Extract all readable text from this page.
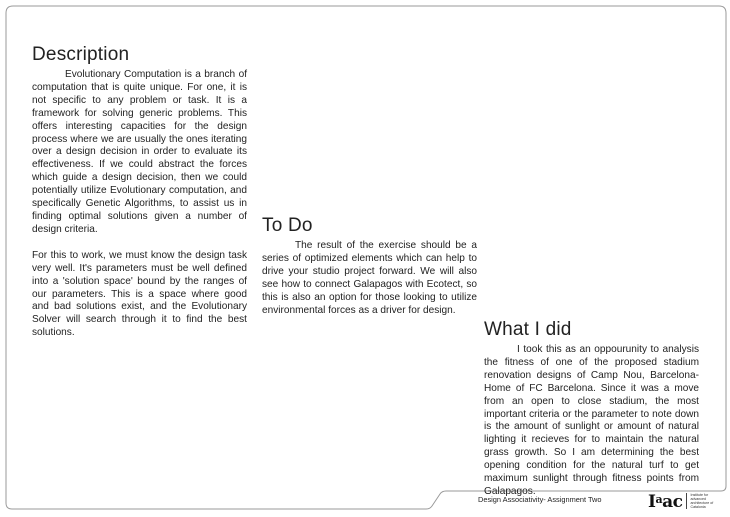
Description

Evolutionary Computation is a branch of computation that is quite unique. For one, it is not specific to any problem or task. It is a framework for solving generic problems. This offers interesting capacities for the design process where we are usually the ones iterating over a design decision in order to evaluate its effectiveness. If we could abstract the forces which guide a design decision, then we could potentially utilize Evolutionary computation, and specifically Genetic Algorithms, to assist us in finding optimal solutions given a number of design criteria.

For this to work, we must know the design task very well. It's parameters must be well defined into a 'solution space' bound by the ranges of our parameters. This is a space where good and bad solutions exist, and the Evolutionary Solver will search through it to find the best solutions.

To Do

The result of the exercise should be a series of optimized elements which can help to drive your studio project forward. We will also see how to connect Galapagos with Ecotect, so this is also an option for those looking to utilize environmental forces as a driver for design.

What I did

I took this as an oppourunity to analysis the fitness of one of the proposed stadium renovation designs of Camp Nou, Barcelona-Home of FC Barcelona. Since it was a move from an open to close stadium, the most important criteria or the parameter to note down is the amount of sunlight or amount of natural lighting it recieves for to maintain the natural grass growth. So I am determining the best opening condition for the natural turf to get maximum sunlight through fitness points from Galapagos.

Design Associativity- Assignment Two	$I^aac$ Institute for advanced architecture of Catalonia
